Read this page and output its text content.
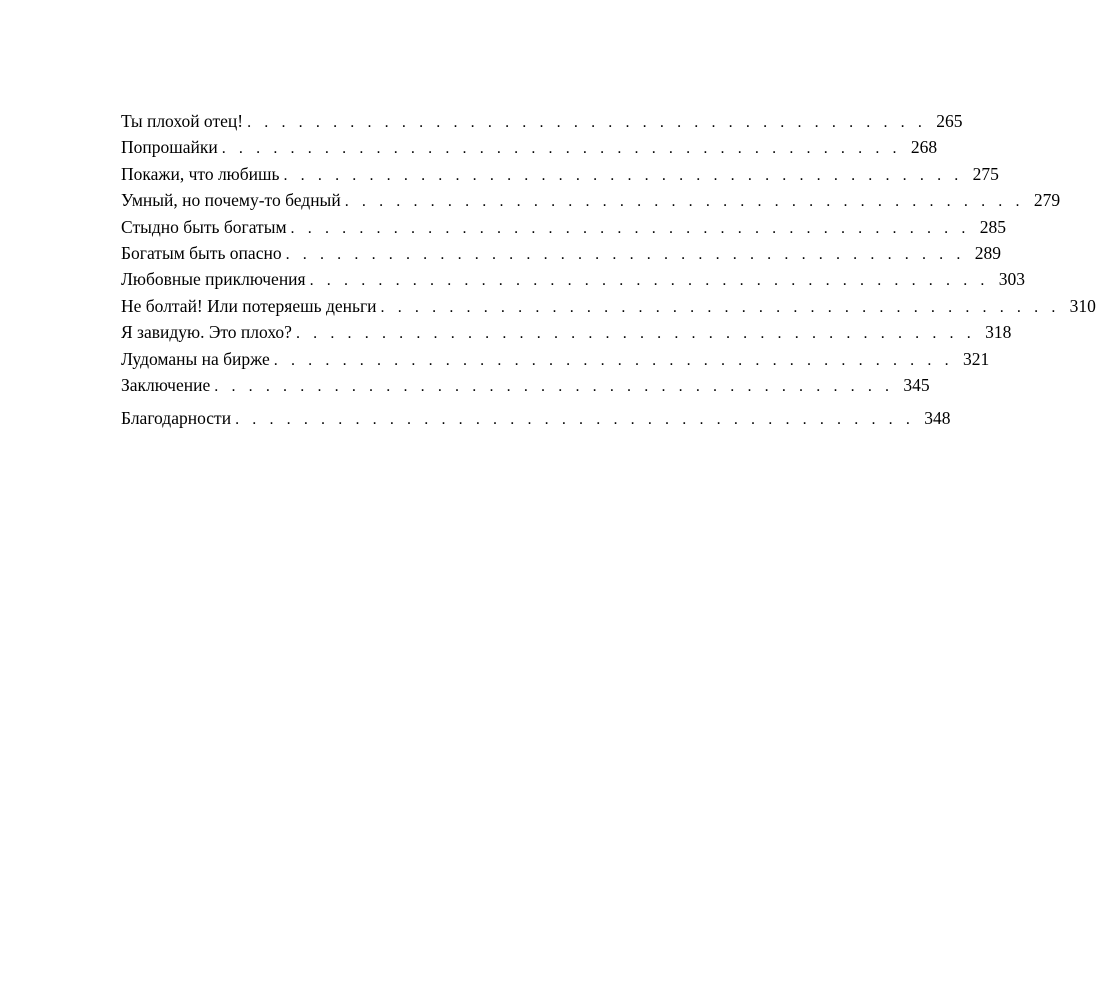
Ты плохой отец! . . . . . . . . . . . . . . . . . . . . . . . . . . . . . . . . . . . . . . . . 265
Попрошайки . . . . . . . . . . . . . . . . . . . . . . . . . . . . . . . . . . . . . . . . 268
Покажи, что любишь . . . . . . . . . . . . . . . . . . . . . . . . . . . . . . . . . . . . . . . . 275
Умный, но почему-то бедный . . . . . . . . . . . . . . . . . . . . . . . . . . . . . . . . . . . . . . . . 279
Стыдно быть богатым . . . . . . . . . . . . . . . . . . . . . . . . . . . . . . . . . . . . . . . . 285
Богатым быть опасно . . . . . . . . . . . . . . . . . . . . . . . . . . . . . . . . . . . . . . . . 289
Любовные приключения . . . . . . . . . . . . . . . . . . . . . . . . . . . . . . . . . . . . . . . . 303
Не болтай! Или потеряешь деньги . . . . . . . . . . . . . . . . . . . . . . . . . . . . . . . . . . . . . . . . 310
Я завидую. Это плохо? . . . . . . . . . . . . . . . . . . . . . . . . . . . . . . . . . . . . . . . . 318
Лудоманы на бирже . . . . . . . . . . . . . . . . . . . . . . . . . . . . . . . . . . . . . . . . 321
Заключение . . . . . . . . . . . . . . . . . . . . . . . . . . . . . . . . . . . . . . . . 345
Благодарности . . . . . . . . . . . . . . . . . . . . . . . . . . . . . . . . . . . . . . . . 348
